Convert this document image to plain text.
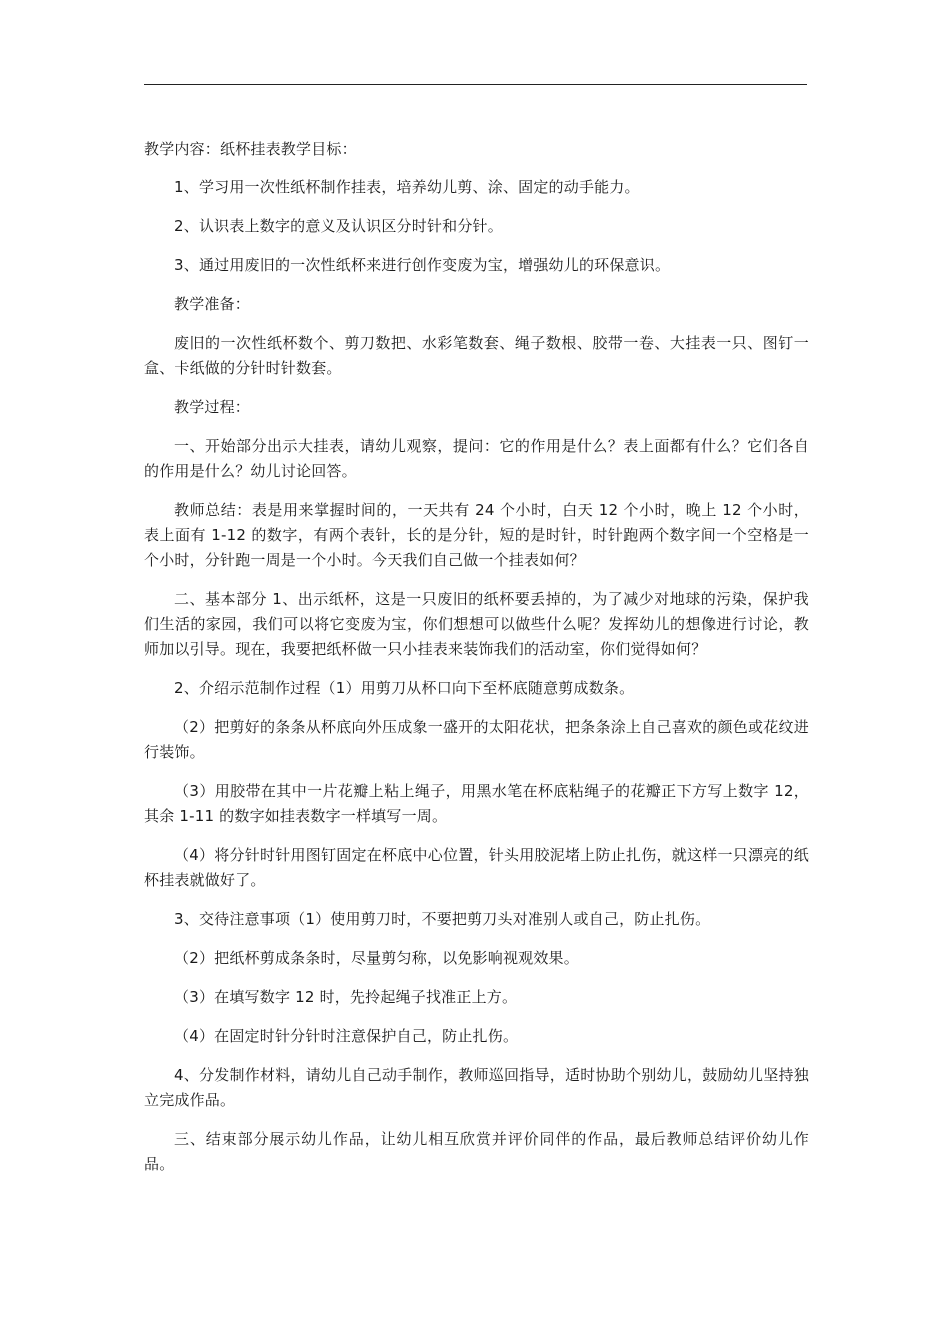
教学内容：纸杯挂表教学目标：

1、学习用一次性纸杯制作挂表，培养幼儿剪、涂、固定的动手能力。

2、认识表上数字的意义及认识区分时针和分针。

3、通过用废旧的一次性纸杯来进行创作变废为宝，增强幼儿的环保意识。

教学准备：

废旧的一次性纸杯数个、剪刀数把、水彩笔数套、绳子数根、胶带一卷、大挂表一只、图钉一盒、卡纸做的分针时针数套。

教学过程：

一、开始部分出示大挂表，请幼儿观察，提问：它的作用是什么？表上面都有什么？它们各自的作用是什么？幼儿讨论回答。

教师总结：表是用来掌握时间的，一天共有 24 个小时，白天 12 个小时，晚上 12 个小时，表上面有 1-12 的数字，有两个表针，长的是分针，短的是时针，时针跑两个数字间一个空格是一个小时，分针跑一周是一个小时。今天我们自己做一个挂表如何？

二、基本部分 1、出示纸杯，这是一只废旧的纸杯要丢掉的，为了减少对地球的污染，保护我们生活的家园，我们可以将它变废为宝，你们想想可以做些什么呢？发挥幼儿的想像进行讨论，教师加以引导。现在，我要把纸杯做一只小挂表来装饰我们的活动室，你们觉得如何？

2、介绍示范制作过程（1）用剪刀从杯口向下至杯底随意剪成数条。

（2）把剪好的条条从杯底向外压成象一盛开的太阳花状，把条条涂上自己喜欢的颜色或花纹进行装饰。

（3）用胶带在其中一片花瓣上粘上绳子，用黑水笔在杯底粘绳子的花瓣正下方写上数字 12，其余 1-11 的数字如挂表数字一样填写一周。

（4）将分针时针用图钉固定在杯底中心位置，针头用胶泥堵上防止扎伤，就这样一只漂亮的纸杯挂表就做好了。

3、交待注意事项（1）使用剪刀时，不要把剪刀头对准别人或自己，防止扎伤。

（2）把纸杯剪成条条时，尽量剪匀称，以免影响视观效果。

（3）在填写数字 12 时，先拎起绳子找准正上方。

（4）在固定时针分针时注意保护自己，防止扎伤。

4、分发制作材料，请幼儿自己动手制作，教师巡回指导，适时协助个别幼儿，鼓励幼儿坚持独立完成作品。

三、结束部分展示幼儿作品，让幼儿相互欣赏并评价同伴的作品，最后教师总结评价幼儿作品。
